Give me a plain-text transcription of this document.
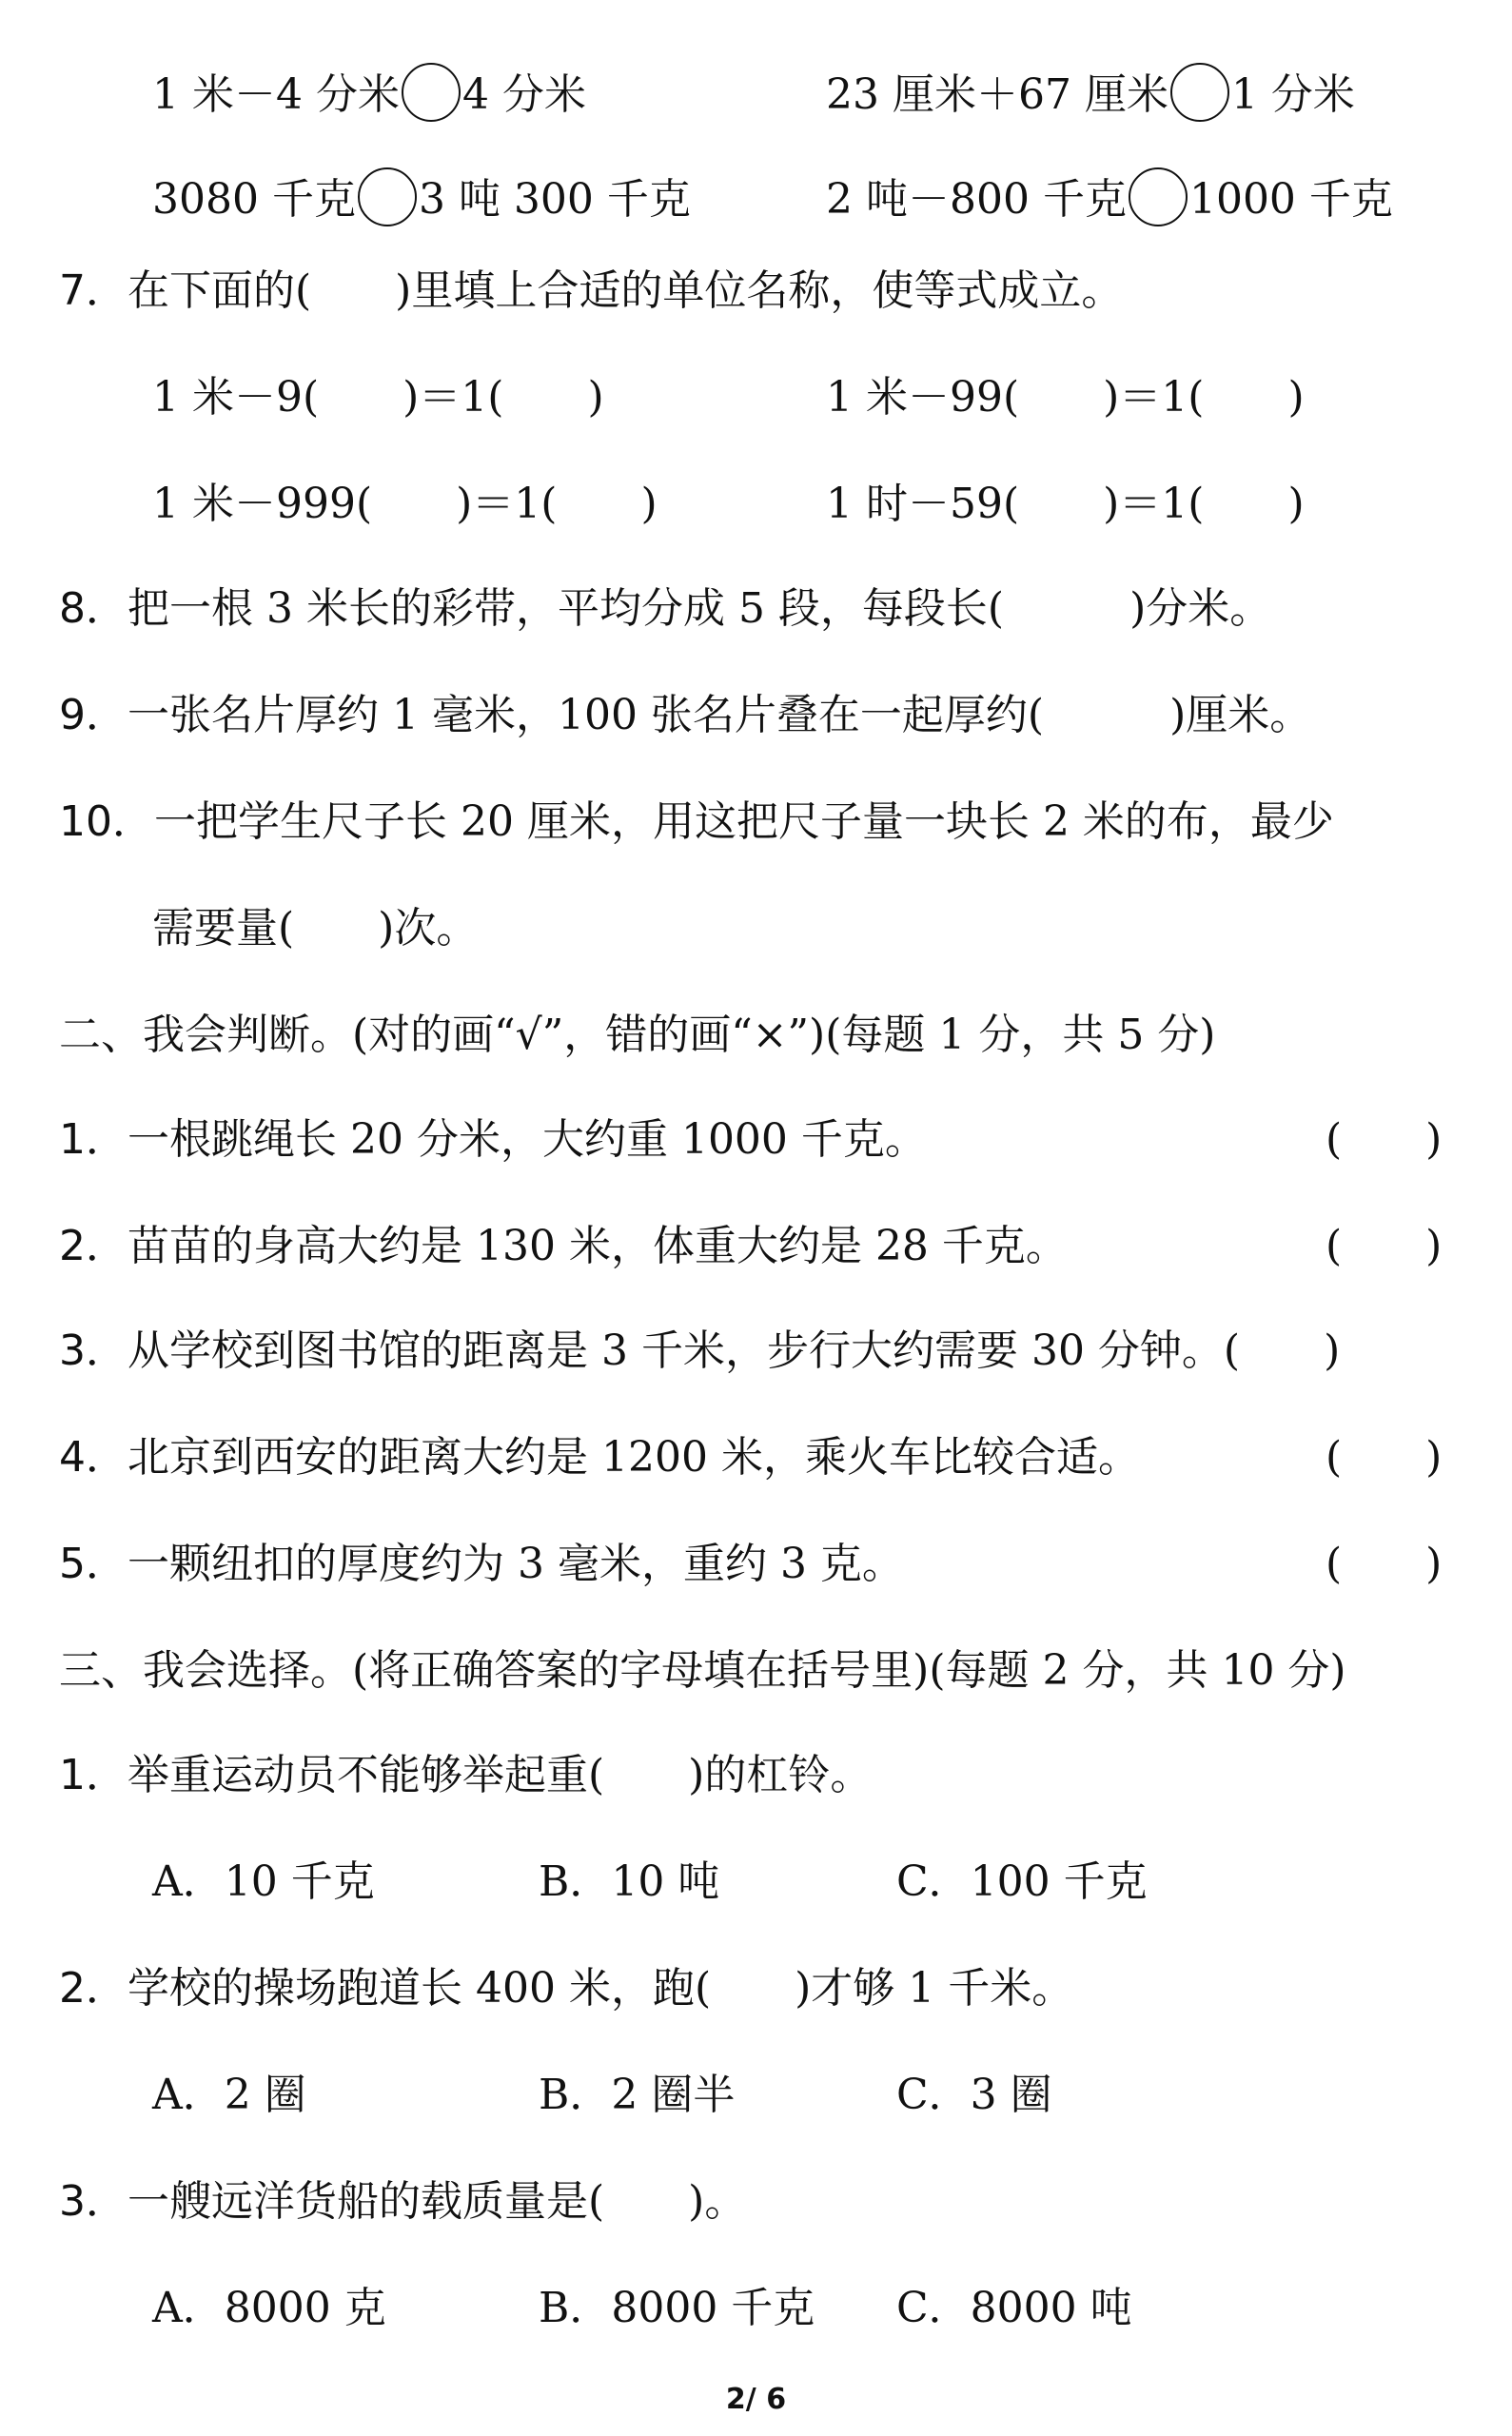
1 米－4 分米 4 分米	23 厘米＋67 厘米 1 分米
3080 千克 3 吨 300 千克	2 吨－800 千克 1000 千克
7．在下面的(　　)里填上合适的单位名称，使等式成立。
1 米－9(　　)＝1(　　)	1 米－99(　　)＝1(　　)
1 米－999(　　)＝1(　　)	1 时－59(　　)＝1(　　)
8．把一根 3 米长的彩带，平均分成 5 段，每段长(　　　)分米。
9．一张名片厚约 1 毫米，100 张名片叠在一起厚约(　　　)厘米。
10．一把学生尺子长 20 厘米，用这把尺子量一块长 2 米的布，最少
需要量(　　)次。
二、我会判断。(对的画“√”，错的画“×”)(每题 1 分，共 5 分)
1．一根跳绳长 20 分米，大约重 1000 千克。	(　　)
2．苗苗的身高大约是 130 米，体重大约是 28 千克。	(　　)
3．从学校到图书馆的距离是 3 千米，步行大约需要 30 分钟。(　　)
4．北京到西安的距离大约是 1200 米，乘火车比较合适。	(　　)
5．一颗纽扣的厚度约为 3 毫米，重约 3 克。	(　　)
三、我会选择。(将正确答案的字母填在括号里)(每题 2 分，共 10 分)
1．举重运动员不能够举起重(　　)的杠铃。
A．10 千克	B．10 吨	C．100 千克
2．学校的操场跑道长 400 米，跑(　　)才够 1 千米。
A．2 圈	B．2 圈半	C．3 圈
3．一艘远洋货船的载质量是(　　)。
A．8000 克	B．8000 千克 C．8000 吨
2/ 6
